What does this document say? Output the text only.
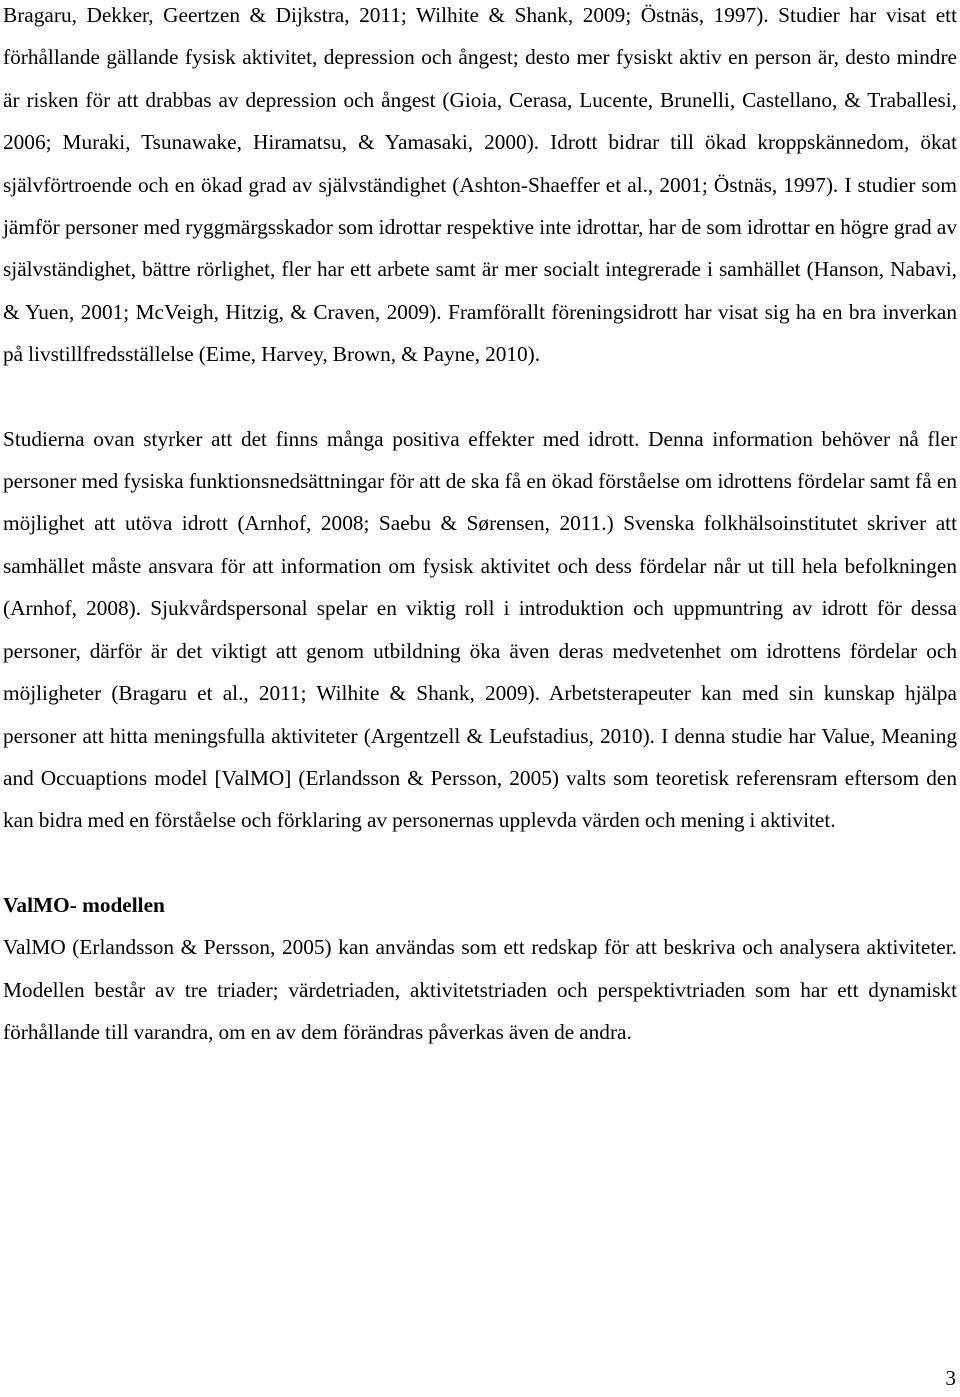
Bragaru, Dekker, Geertzen & Dijkstra, 2011; Wilhite & Shank, 2009; Östnäs, 1997). Studier har visat ett förhållande gällande fysisk aktivitet, depression och ångest; desto mer fysiskt aktiv en person är, desto mindre är risken för att drabbas av depression och ångest (Gioia, Cerasa, Lucente, Brunelli, Castellano, & Traballesi, 2006; Muraki, Tsunawake, Hiramatsu, & Yamasaki, 2000). Idrott bidrar till ökad kroppskännedom, ökat självförtroende och en ökad grad av självständighet (Ashton-Shaeffer et al., 2001; Östnäs, 1997). I studier som jämför personer med ryggmärgsskador som idrottar respektive inte idrottar, har de som idrottar en högre grad av självständighet, bättre rörlighet, fler har ett arbete samt är mer socialt integrerade i samhället (Hanson, Nabavi, & Yuen, 2001; McVeigh, Hitzig, & Craven, 2009). Framförallt föreningsidrott har visat sig ha en bra inverkan på livstillfredsställelse (Eime, Harvey, Brown, & Payne, 2010).

Studierna ovan styrker att det finns många positiva effekter med idrott. Denna information behöver nå fler personer med fysiska funktionsnedsättningar för att de ska få en ökad förståelse om idrottens fördelar samt få en möjlighet att utöva idrott (Arnhof, 2008; Saebu & Sørensen, 2011.) Svenska folkhälsoinstitutet skriver att samhället måste ansvara för att information om fysisk aktivitet och dess fördelar når ut till hela befolkningen (Arnhof, 2008). Sjukvårdspersonal spelar en viktig roll i introduktion och uppmuntring av idrott för dessa personer, därför är det viktigt att genom utbildning öka även deras medvetenhet om idrottens fördelar och möjligheter (Bragaru et al., 2011; Wilhite & Shank, 2009). Arbetsterapeuter kan med sin kunskap hjälpa personer att hitta meningsfulla aktiviteter (Argentzell & Leufstadius, 2010). I denna studie har Value, Meaning and Occuaptions model [ValMO] (Erlandsson & Persson, 2005) valts som teoretisk referensram eftersom den kan bidra med en förståelse och förklaring av personernas upplevda värden och mening i aktivitet.

ValMO- modellen

ValMO (Erlandsson & Persson, 2005) kan användas som ett redskap för att beskriva och analysera aktiviteter. Modellen består av tre triader; värdetriaden, aktivitetstriaden och perspektivtriaden som har ett dynamiskt förhållande till varandra, om en av dem förändras påverkas även de andra.

3
